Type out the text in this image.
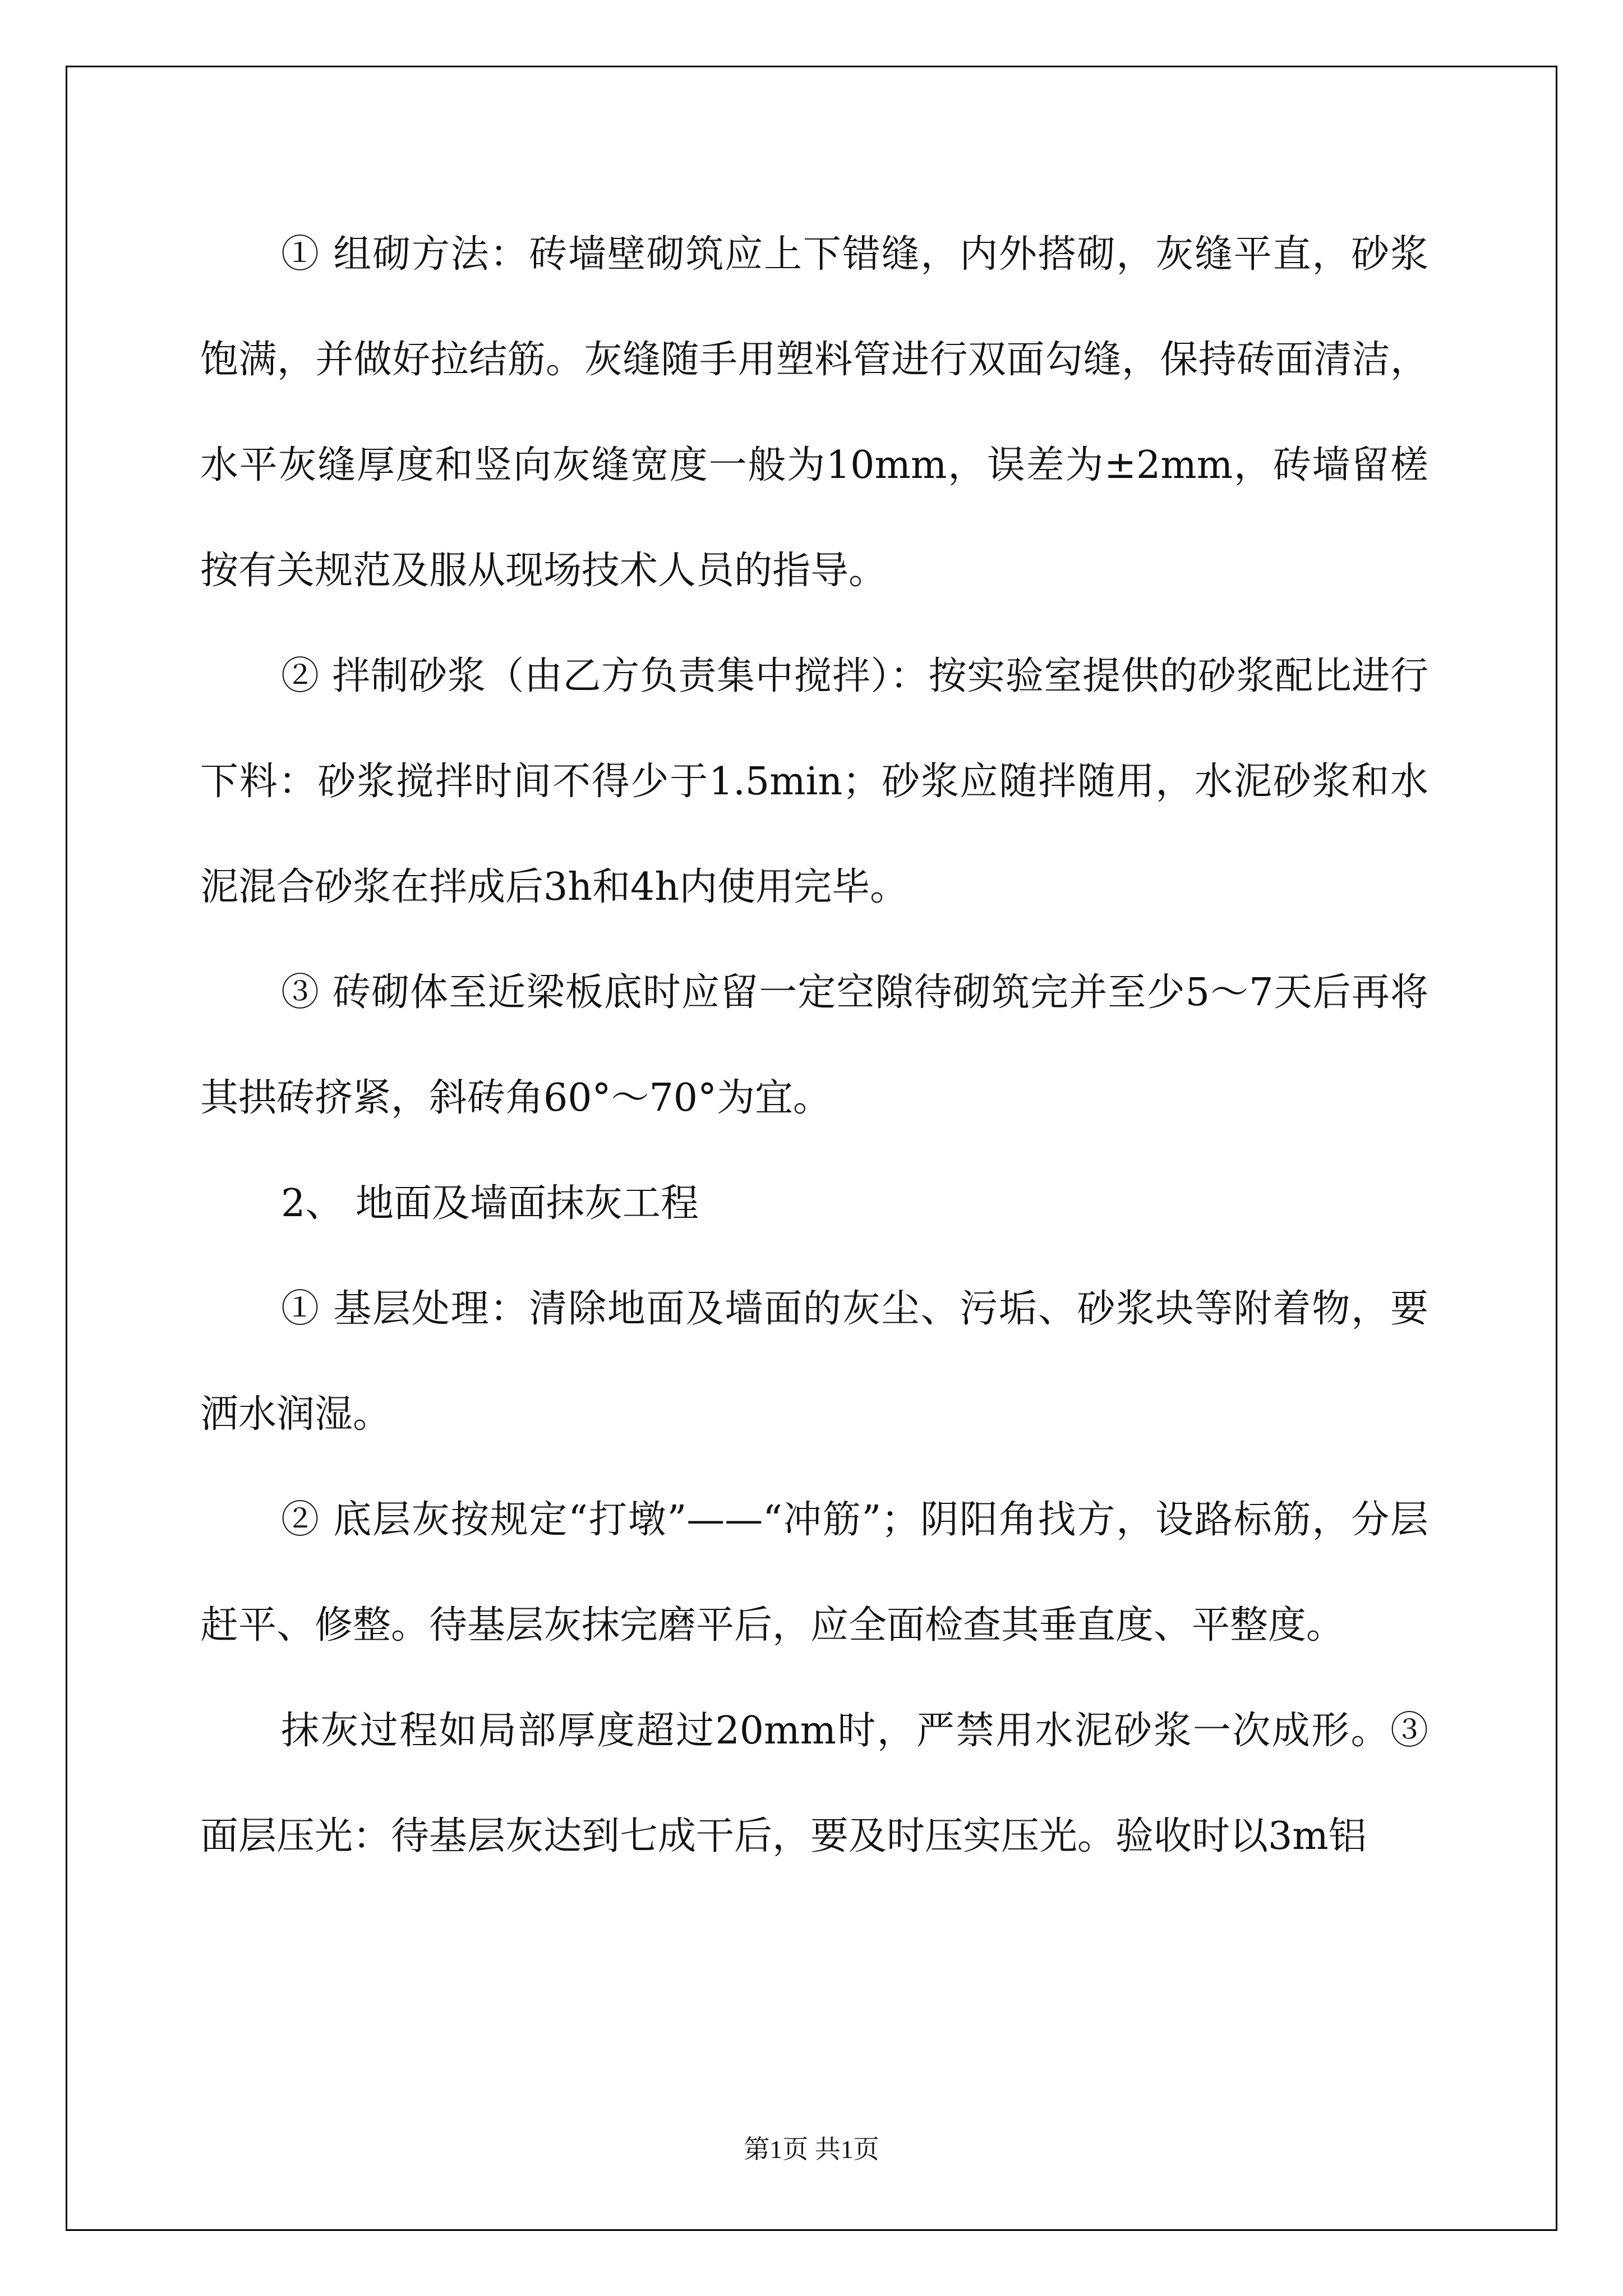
① 组砌方法：砖墙壁砌筑应上下错缝，内外搭砌，灰缝平直，砂浆饱满，并做好拉结筋。灰缝随手用塑料管进行双面勾缝，保持砖面清洁，水平灰缝厚度和竖向灰缝宽度一般为10mm，误差为±2mm，砖墙留槎按有关规范及服从现场技术人员的指导。

② 拌制砂浆（由乙方负责集中搅拌）：按实验室提供的砂浆配比进行下料：砂浆搅拌时间不得少于1.5min；砂浆应随拌随用，水泥砂浆和水泥混合砂浆在拌成后3h和4h内使用完毕。

③ 砖砌体至近梁板底时应留一定空隙待砌筑完并至少5～7天后再将其拱砖挤紧，斜砖角60°～70°为宜。

2、 地面及墙面抹灰工程

① 基层处理：清除地面及墙面的灰尘、污垢、砂浆块等附着物，要洒水润湿。

② 底层灰按规定“打墩”——“冲筋”；阴阳角找方，设路标筋，分层赶平、修整。待基层灰抹完磨平后，应全面检查其垂直度、平整度。

抹灰过程如局部厚度超过20mm时，严禁用水泥砂浆一次成形。③面层压光：待基层灰达到七成干后，要及时压实压光。验收时以3m铝

第1页 共1页
